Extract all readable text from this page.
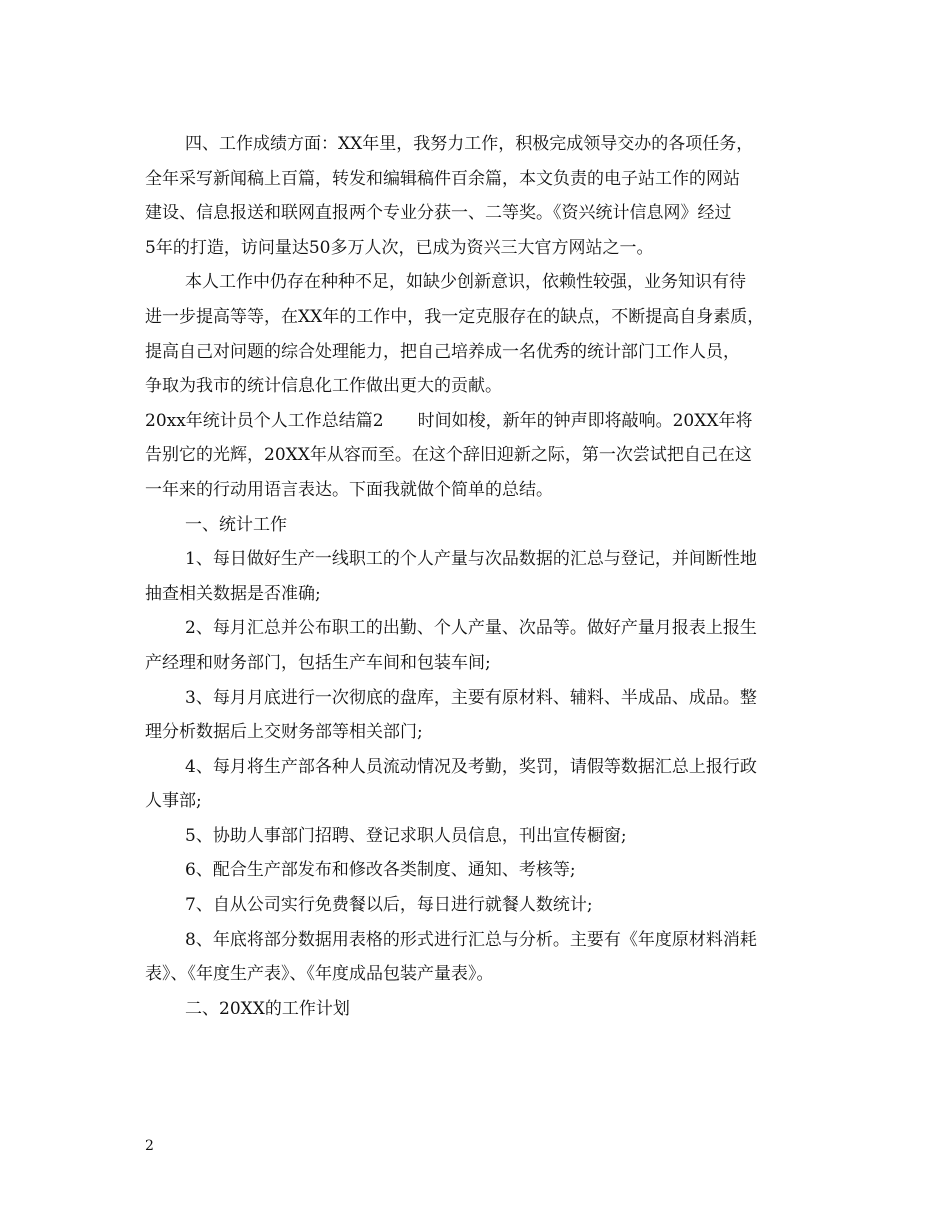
四、工作成绩方面：XX年里，我努力工作，积极完成领导交办的各项任务，
全年采写新闻稿上百篇，转发和编辑稿件百余篇，本文负责的电子站工作的网站
建设、信息报送和联网直报两个专业分获一、二等奖。《资兴统计信息网》经过
5年的打造，访问量达50多万人次，已成为资兴三大官方网站之一。
本人工作中仍存在种种不足，如缺少创新意识，依赖性较强，业务知识有待
进一步提高等等，在XX年的工作中，我一定克服存在的缺点，不断提高自身素质，
提高自己对问题的综合处理能力，把自己培养成一名优秀的统计部门工作人员，
争取为我市的统计信息化工作做出更大的贡献。
20xx年统计员个人工作总结篇2　　时间如梭，新年的钟声即将敲响。20XX年将
告别它的光辉，20XX年从容而至。在这个辞旧迎新之际，第一次尝试把自己在这
一年来的行动用语言表达。下面我就做个简单的总结。
一、统计工作
1、每日做好生产一线职工的个人产量与次品数据的汇总与登记，并间断性地
抽查相关数据是否准确;
2、每月汇总并公布职工的出勤、个人产量、次品等。做好产量月报表上报生
产经理和财务部门，包括生产车间和包装车间;
3、每月月底进行一次彻底的盘库，主要有原材料、辅料、半成品、成品。整
理分析数据后上交财务部等相关部门;
4、每月将生产部各种人员流动情况及考勤，奖罚，请假等数据汇总上报行政
人事部;
5、协助人事部门招聘、登记求职人员信息，刊出宣传橱窗;
6、配合生产部发布和修改各类制度、通知、考核等;
7、自从公司实行免费餐以后，每日进行就餐人数统计;
8、年底将部分数据用表格的形式进行汇总与分析。主要有《年度原材料消耗
表》、《年度生产表》、《年度成品包装产量表》。
二、20XX的工作计划
2
